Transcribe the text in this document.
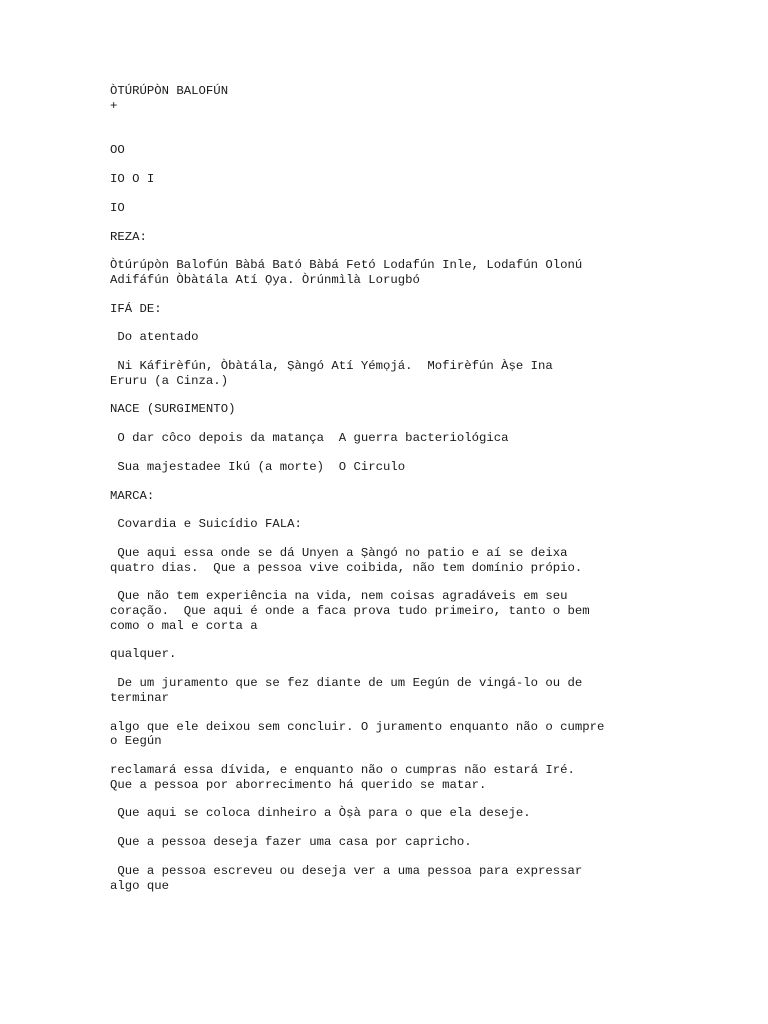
ÒTÚRÚPÒN BALOFÚN

+

OO

IO O I

IO

REZA:

Òtúrúpòn Balofún Bàbá Bató Bàbá Fetó Lodafún Inle, Lodafún Olonú
Adifáfún Òbàtála Atí Ọya. Òrúnmìlà Lorugbó

IFÁ DE:

Do atentado

Ni Káfirèfún, Òbàtála, Ṣàngó Atí Yémọjá.  Mofirèfún Àṣe Ina
Eruru (a Cinza.)

NACE (SURGIMENTO)

O dar côco depois da matança  A guerra bacteriológica

Sua majestadee Ikú (a morte)  O Circulo

MARCA:

Covardia e Suicídio FALA:

Que aqui essa onde se dá Unyen a Ṣàngó no patio e aí se deixa
quatro dias.  Que a pessoa vive coibida, não tem domínio própio.

Que não tem experiência na vida, nem coisas agradáveis em seu
coração.  Que aqui é onde a faca prova tudo primeiro, tanto o bem
como o mal e corta a

qualquer.

De um juramento que se fez diante de um Eegún de vingá-lo ou de
terminar

algo que ele deixou sem concluir. O juramento enquanto não o cumpre
o Eegún

reclamará essa dívida, e enquanto não o cumpras não estará Iré.
Que a pessoa por aborrecimento há querido se matar.

Que aqui se coloca dinheiro a Òṣà para o que ela deseje.

Que a pessoa deseja fazer uma casa por capricho.

Que a pessoa escreveu ou deseja ver a uma pessoa para expressar
algo que
